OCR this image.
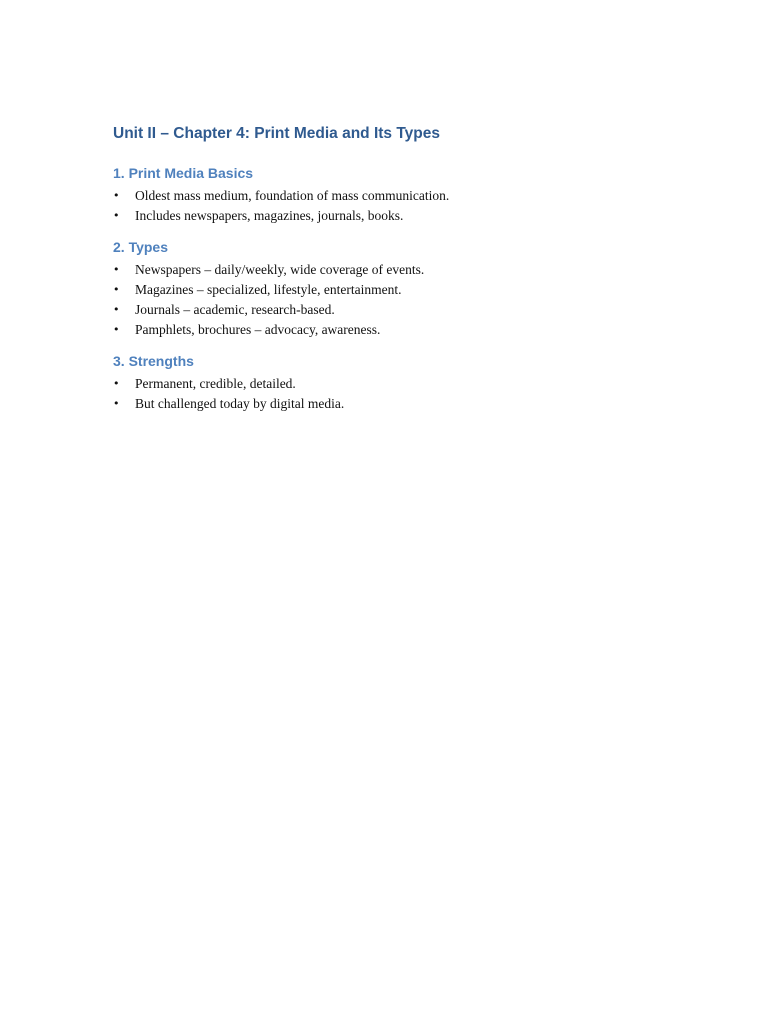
Unit II – Chapter 4: Print Media and Its Types
1. Print Media Basics
• Oldest mass medium, foundation of mass communication.
• Includes newspapers, magazines, journals, books.
2. Types
• Newspapers – daily/weekly, wide coverage of events.
• Magazines – specialized, lifestyle, entertainment.
• Journals – academic, research-based.
• Pamphlets, brochures – advocacy, awareness.
3. Strengths
• Permanent, credible, detailed.
• But challenged today by digital media.
